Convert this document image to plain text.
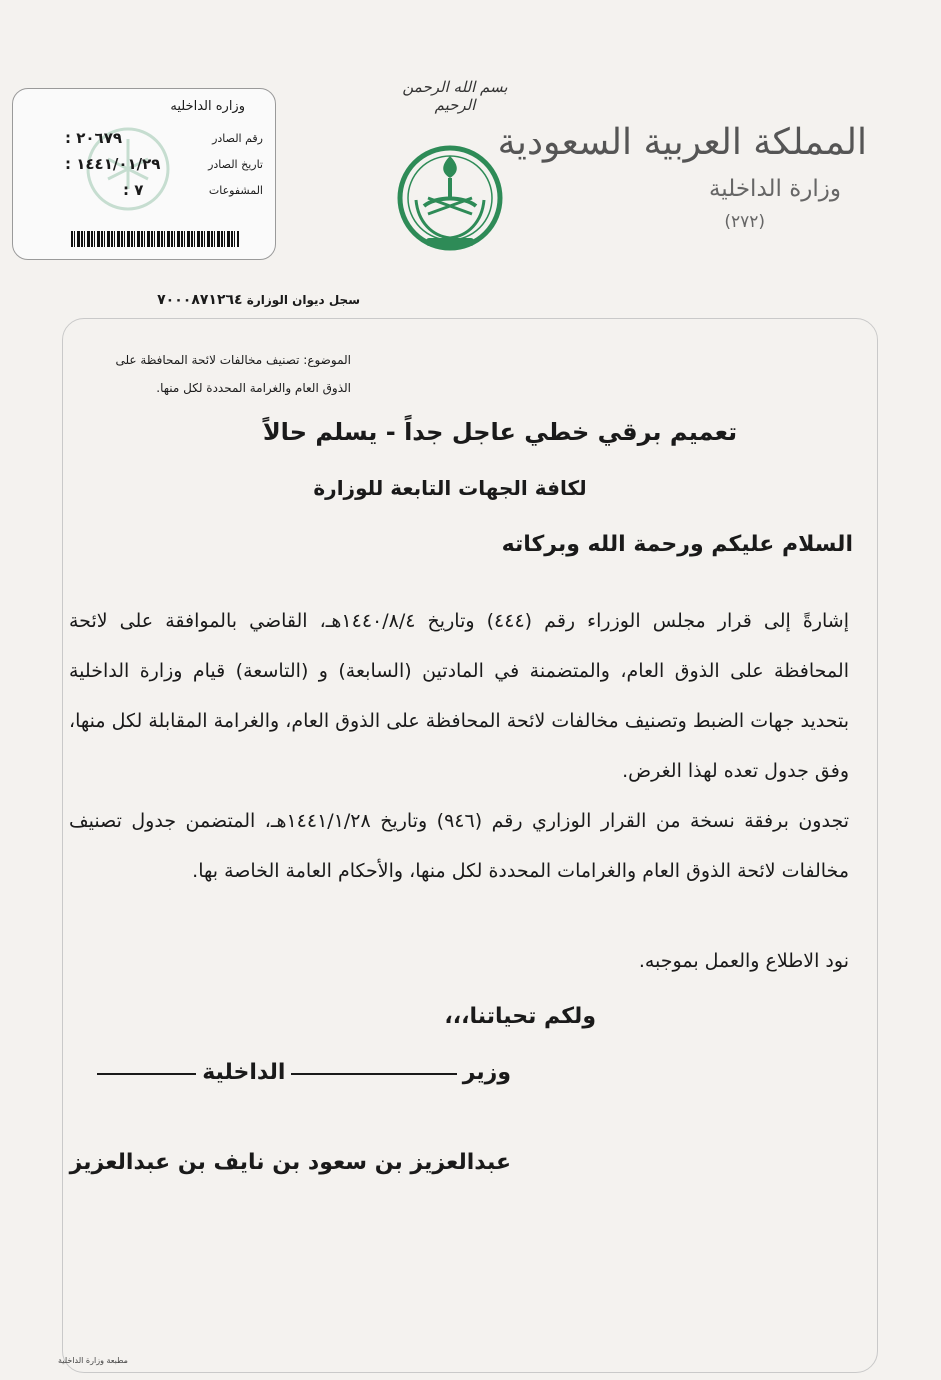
وزاره الداخليه
رقم الصادر
٢٠٦٧٩ :
تاريخ الصادر
١٤٤١/٠١/٢٩ :
المشفوعات
٧ :
بسم الله الرحمن الرحيم
المملكة العربية السعودية
وزارة الداخلية
(٢٧٢)
سجل ديوان الوزارة ٧٠٠٠٨٧١٢٦٤
الموضوع: تصنيف مخالفات لائحة المحافظة على
الذوق العام والغرامة المحددة لكل منها.
تعميم برقي خطي عاجل جداً - يسلم حالاً
لكافة الجهات التابعة للوزارة
السلام عليكم ورحمة الله وبركاته
إشارةً إلى قرار مجلس الوزراء رقم (٤٤٤) وتاريخ ١٤٤٠/٨/٤هـ، القاضي بالموافقة على لائحة المحافظة على الذوق العام، والمتضمنة في المادتين (السابعة) و (التاسعة) قيام وزارة الداخلية بتحديد جهات الضبط وتصنيف مخالفات لائحة المحافظة على الذوق العام، والغرامة المقابلة لكل منها، وفق جدول تعده لهذا الغرض.
تجدون برفقة نسخة من القرار الوزاري رقم (٩٤٦) وتاريخ ١٤٤١/١/٢٨هـ، المتضمن جدول تصنيف مخالفات لائحة الذوق العام والغرامات المحددة لكل منها، والأحكام العامة الخاصة بها.
نود الاطلاع والعمل بموجبه.
ولكم تحياتنا،،،
وزير
الداخلية
عبدالعزيز بن سعود بن نايف بن عبدالعزيز
مطبعة وزارة الداخلية
